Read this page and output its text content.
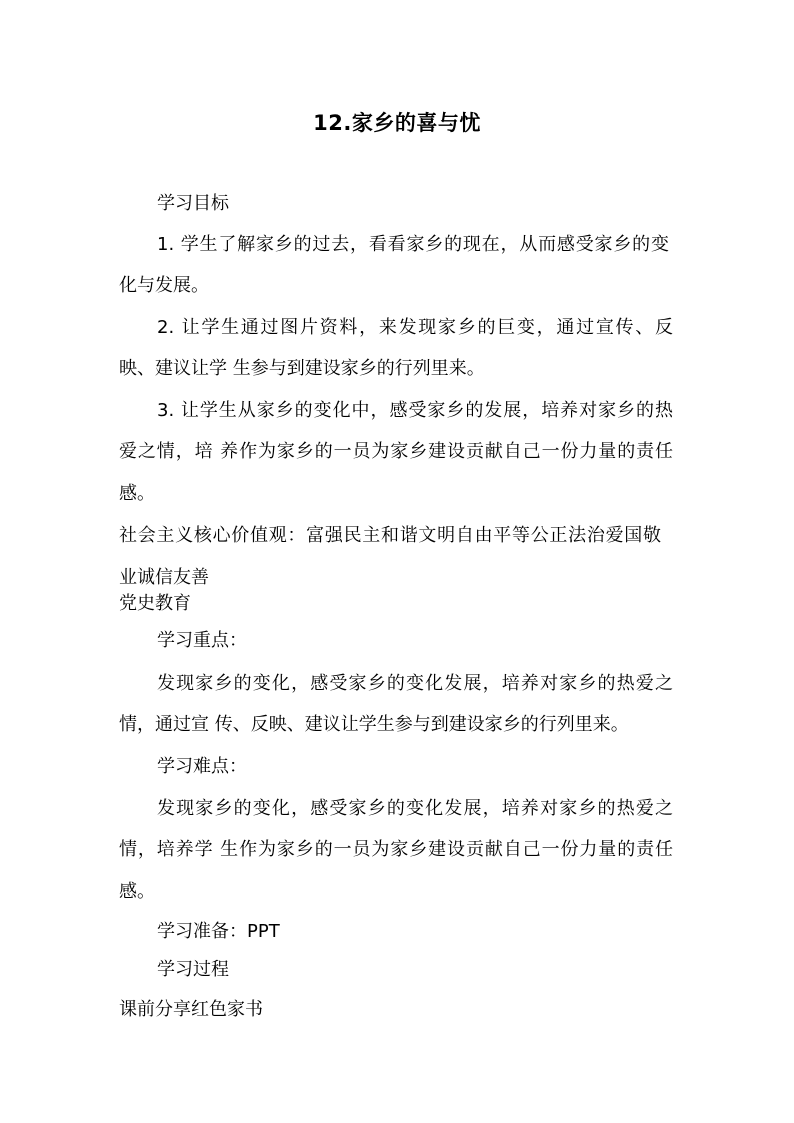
12.家乡的喜与忧
学习目标
1. 学生了解家乡的过去，看看家乡的现在，从而感受家乡的变
化与发展。
2. 让学生通过图片资料，来发现家乡的巨变，通过宣传、反
映、建议让学 生参与到建设家乡的行列里来。
3. 让学生从家乡的变化中，感受家乡的发展，培养对家乡的热
爱之情，培 养作为家乡的一员为家乡建设贡献自己一份力量的责任
感。
社会主义核心价值观：富强民主和谐文明自由平等公正法治爱国敬
业诚信友善
党史教育
学习重点：
发现家乡的变化，感受家乡的变化发展，培养对家乡的热爱之
情，通过宣 传、反映、建议让学生参与到建设家乡的行列里来。
学习难点：
发现家乡的变化，感受家乡的变化发展，培养对家乡的热爱之
情，培养学 生作为家乡的一员为家乡建设贡献自己一份力量的责任
感。
学习准备：PPT
学习过程
课前分享红色家书
